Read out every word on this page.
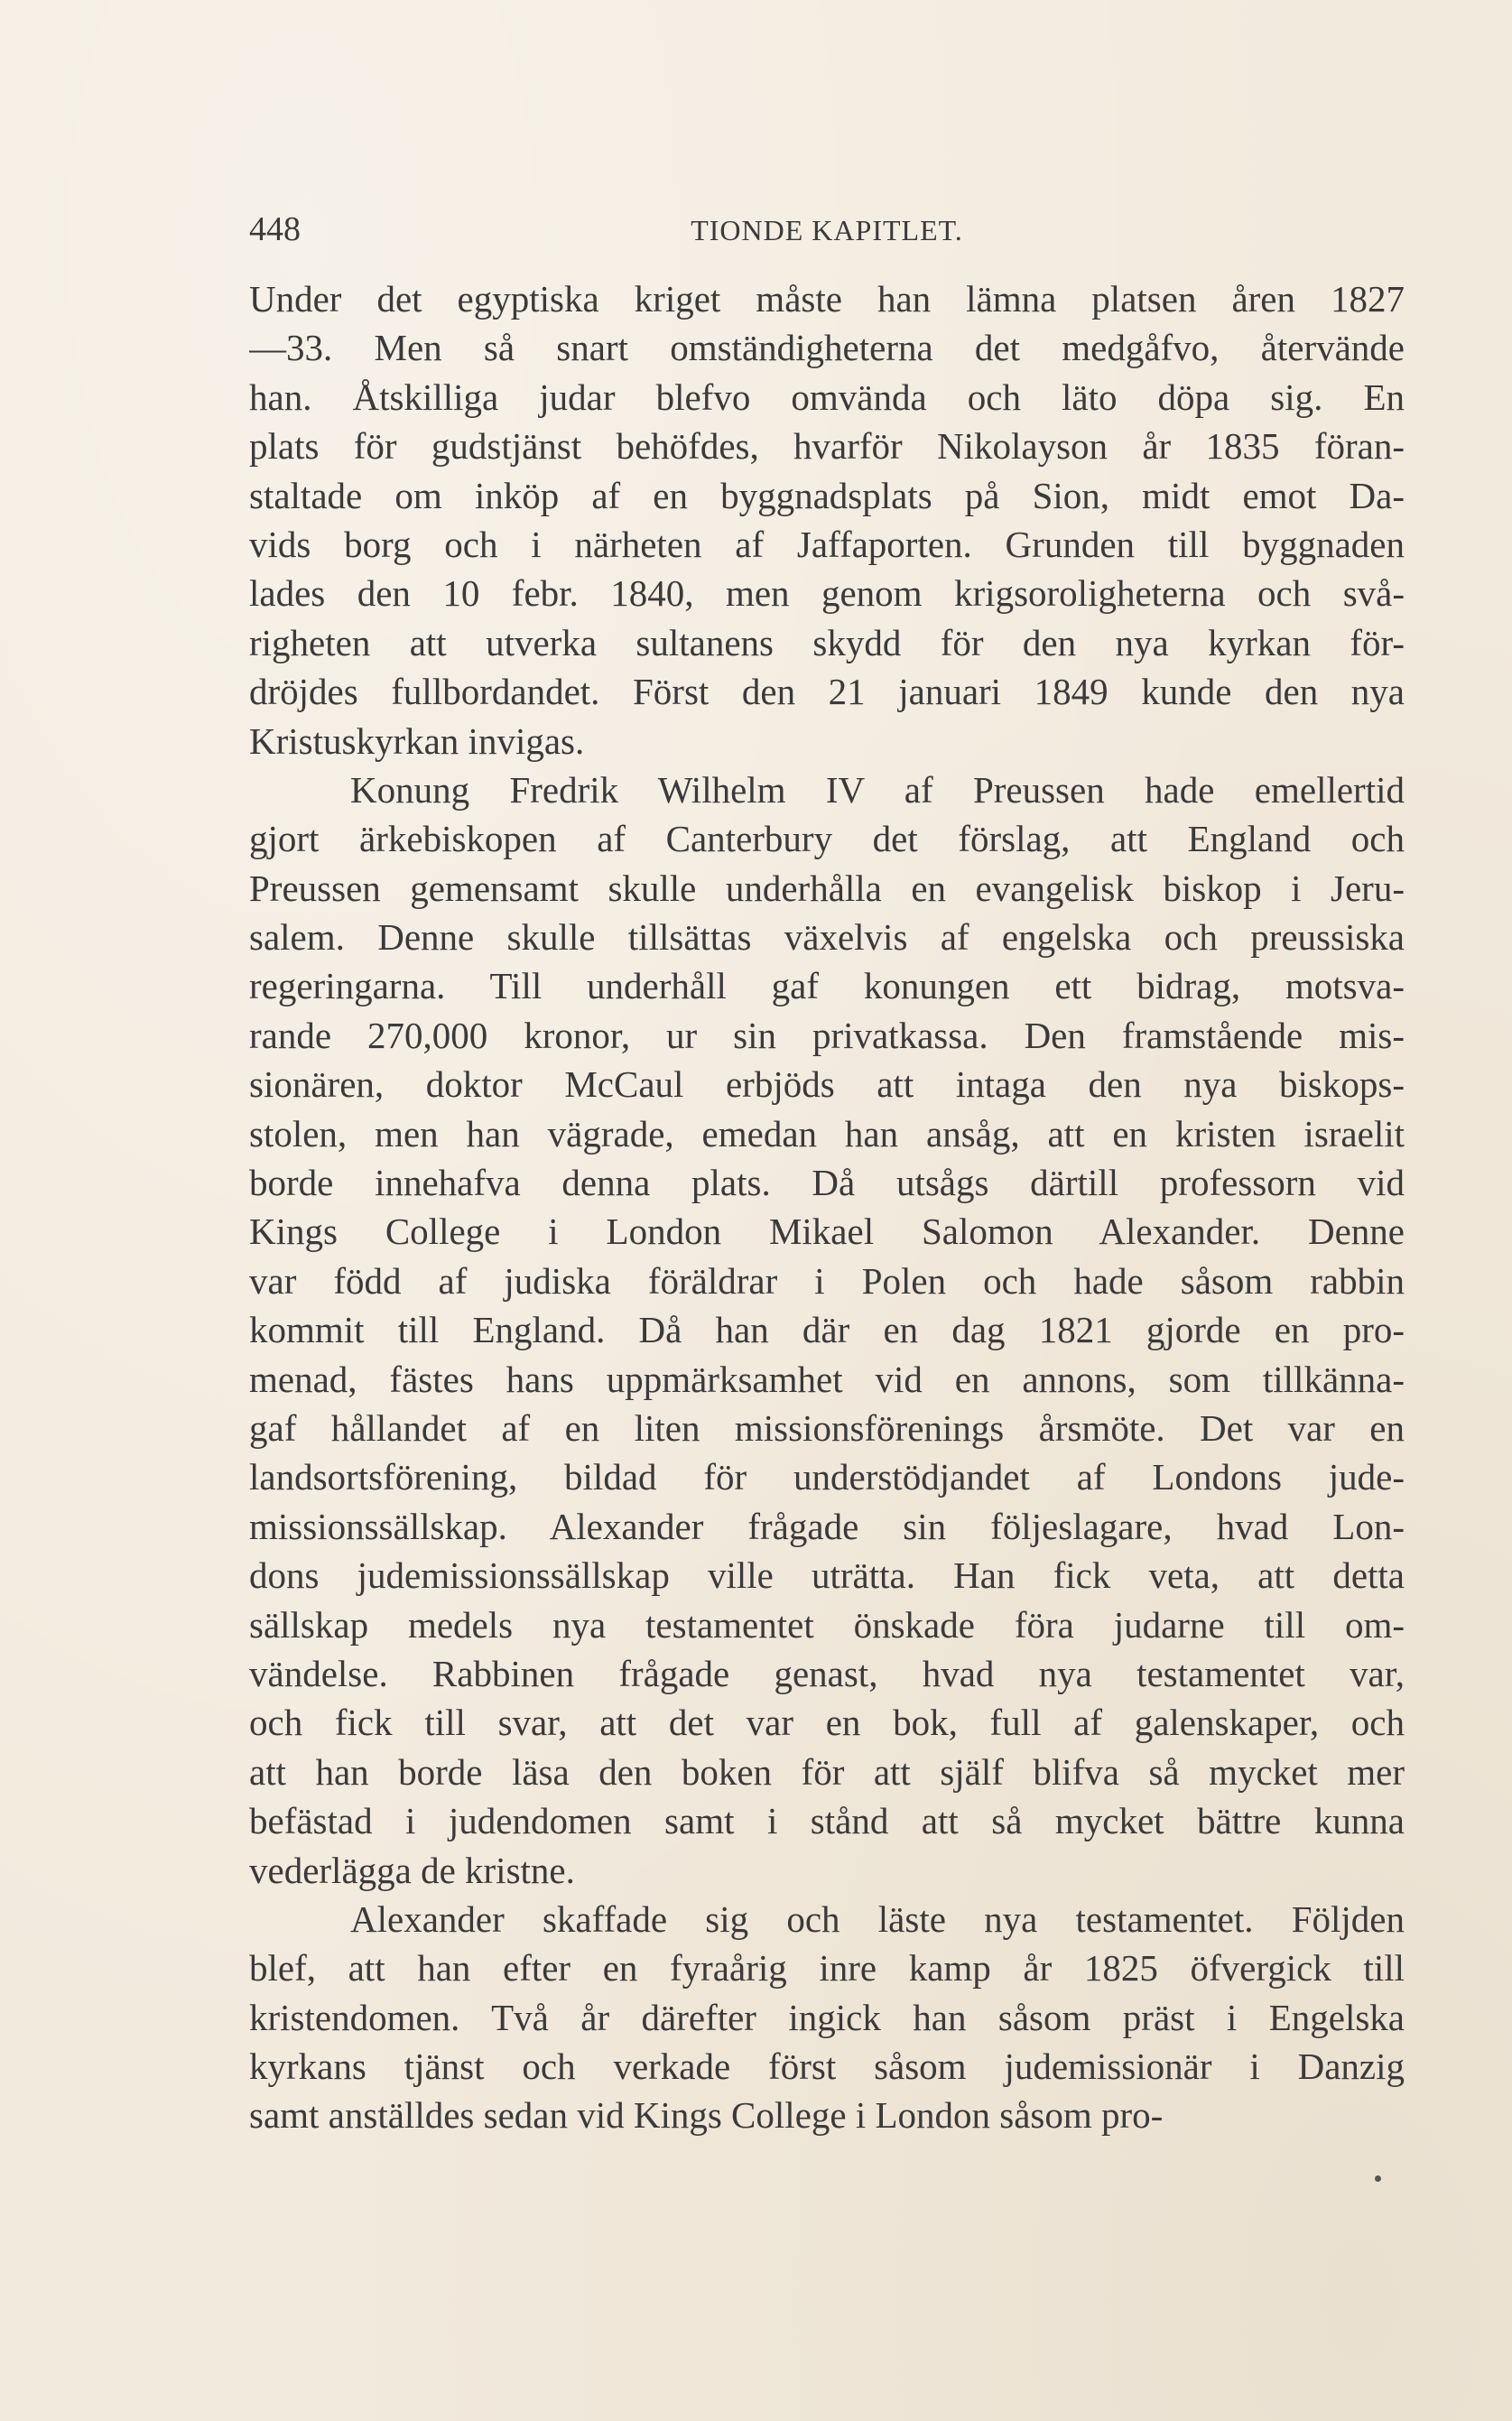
448	TIONDE KAPITLET.
Under det egyptiska kriget måste han lämna platsen åren 1827
—33. Men så snart omständigheterna det medgåfvo, återvände
han. Åtskilliga judar blefvo omvända och läto döpa sig. En
plats för gudstjänst behöfdes, hvarför Nikolayson år 1835 föran-
staltade om inköp af en byggnadsplats på Sion, midt emot Da-
vids borg och i närheten af Jaffaporten. Grunden till byggnaden
lades den 10 febr. 1840, men genom krigsoroligheterna och svå-
righeten att utverka sultanens skydd för den nya kyrkan för-
dröjdes fullbordandet. Först den 21 januari 1849 kunde den nya
Kristuskyrkan invigas.
Konung Fredrik Wilhelm IV af Preussen hade emellertid
gjort ärkebiskopen af Canterbury det förslag, att England och
Preussen gemensamt skulle underhålla en evangelisk biskop i Jeru-
salem. Denne skulle tillsättas växelvis af engelska och preussiska
regeringarna. Till underhåll gaf konungen ett bidrag, motsva-
rande 270,000 kronor, ur sin privatkassa. Den framstående mis-
sionären, doktor McCaul erbjöds att intaga den nya biskops-
stolen, men han vägrade, emedan han ansåg, att en kristen israelit
borde innehafva denna plats. Då utsågs därtill professorn vid
Kings College i London Mikael Salomon Alexander. Denne
var född af judiska föräldrar i Polen och hade såsom rabbin
kommit till England. Då han där en dag 1821 gjorde en pro-
menad, fästes hans uppmärksamhet vid en annons, som tillkänna-
gaf hållandet af en liten missionsförenings årsmöte. Det var en
landsortsförening, bildad för understödjandet af Londons jude-
missionssällskap. Alexander frågade sin följeslagare, hvad Lon-
dons judemissionssällskap ville uträtta. Han fick veta, att detta
sällskap medels nya testamentet önskade föra judarne till om-
vändelse. Rabbinen frågade genast, hvad nya testamentet var,
och fick till svar, att det var en bok, full af galenskaper, och
att han borde läsa den boken för att själf blifva så mycket mer
befästad i judendomen samt i stånd att så mycket bättre kunna
vederlägga de kristne.
Alexander skaffade sig och läste nya testamentet. Följden
blef, att han efter en fyraårig inre kamp år 1825 öfvergick till
kristendomen. Två år därefter ingick han såsom präst i Engelska
kyrkans tjänst och verkade först såsom judemissionär i Danzig
samt anställdes sedan vid Kings College i London såsom pro-
